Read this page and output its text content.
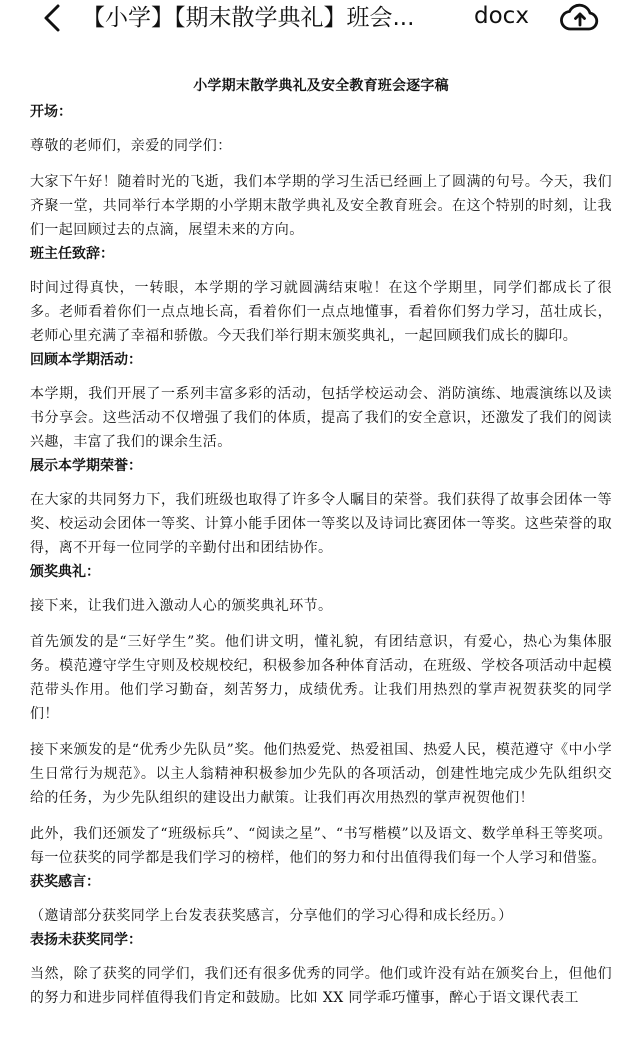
【小学】【期末散学典礼】班会...	docx

小学期末散学典礼及安全教育班会逐字稿

开场：

尊敬的老师们，亲爱的同学们：

大家下午好！随着时光的飞逝，我们本学期的学习生活已经画上了圆满的句号。今天，我们齐聚一堂，共同举行本学期的小学期末散学典礼及安全教育班会。在这个特别的时刻，让我们一起回顾过去的点滴，展望未来的方向。

班主任致辞：

时间过得真快，一转眼，本学期的学习就圆满结束啦！在这个学期里，同学们都成长了很多。老师看着你们一点点地长高，看着你们一点点地懂事，看着你们努力学习，茁壮成长，老师心里充满了幸福和骄傲。今天我们举行期末颁奖典礼，一起回顾我们成长的脚印。

回顾本学期活动：

本学期，我们开展了一系列丰富多彩的活动，包括学校运动会、消防演练、地震演练以及读书分享会。这些活动不仅增强了我们的体质，提高了我们的安全意识，还激发了我们的阅读兴趣，丰富了我们的课余生活。

展示本学期荣誉：

在大家的共同努力下，我们班级也取得了许多令人瞩目的荣誉。我们获得了故事会团体一等奖、校运动会团体一等奖、计算小能手团体一等奖以及诗词比赛团体一等奖。这些荣誉的取得，离不开每一位同学的辛勤付出和团结协作。

颁奖典礼：

接下来，让我们进入激动人心的颁奖典礼环节。

首先颁发的是“三好学生”奖。他们讲文明，懂礼貌，有团结意识，有爱心，热心为集体服务。模范遵守学生守则及校规校纪，积极参加各种体育活动，在班级、学校各项活动中起模范带头作用。他们学习勤奋，刻苦努力，成绩优秀。让我们用热烈的掌声祝贺获奖的同学们！

接下来颁发的是“优秀少先队员”奖。他们热爱党、热爱祖国、热爱人民，模范遵守《中小学生日常行为规范》。以主人翁精神积极参加少先队的各项活动，创建性地完成少先队组织交给的任务，为少先队组织的建设出力献策。让我们再次用热烈的掌声祝贺他们！

此外，我们还颁发了“班级标兵”、“阅读之星”、“书写楷模”以及语文、数学单科王等奖项。每一位获奖的同学都是我们学习的榜样，他们的努力和付出值得我们每一个人学习和借鉴。

获奖感言：

（邀请部分获奖同学上台发表获奖感言，分享他们的学习心得和成长经历。）

表扬未获奖同学：

当然，除了获奖的同学们，我们还有很多优秀的同学。他们或许没有站在颁奖台上，但他们的努力和进步同样值得我们肯定和鼓励。比如 XX 同学乖巧懂事，醉心于语文课代表工
